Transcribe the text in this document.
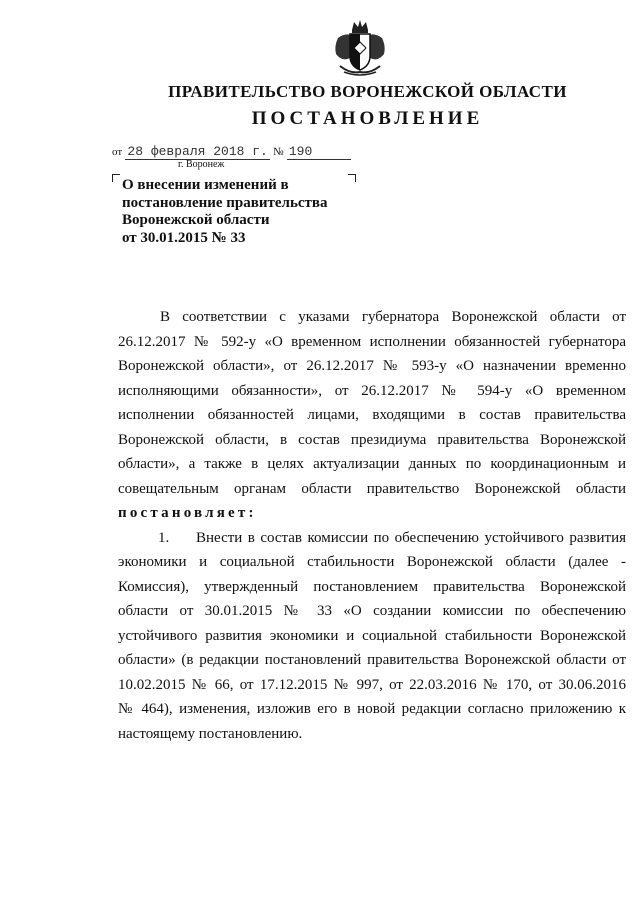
ПРАВИТЕЛЬСТВО ВОРОНЕЖСКОЙ ОБЛАСТИ
ПОСТАНОВЛЕНИЕ
от 28 февраля 2018 г. № 190
г. Воронеж
О внесении изменений в
постановление правительства
Воронежской области
от 30.01.2015 № 33
В соответствии с указами губернатора Воронежской области от
26.12.2017 № 592-у «О временном исполнении обязанностей губернатора
Воронежской области», от 26.12.2017 № 593-у «О назначении временно
исполняющими обязанности», от 26.12.2017 № 594-у «О временном
исполнении обязанностей лицами, входящими в состав правительства
Воронежской области, в состав президиума правительства Воронежской
области», а также в целях актуализации данных по координационным и
совещательным органам области правительство Воронежской области
постановляет:
1. Внести в состав комиссии по обеспечению устойчивого развития
экономики и социальной стабильности Воронежской области (далее -
Комиссия), утвержденный постановлением правительства Воронежской
области от 30.01.2015 № 33 «О создании комиссии по обеспечению
устойчивого развития экономики и социальной стабильности Воронежской
области» (в редакции постановлений правительства Воронежской области от
10.02.2015 № 66, от 17.12.2015 № 997, от 22.03.2016 № 170, от 30.06.2016
№ 464), изменения, изложив его в новой редакции согласно приложению к
настоящему постановлению.
